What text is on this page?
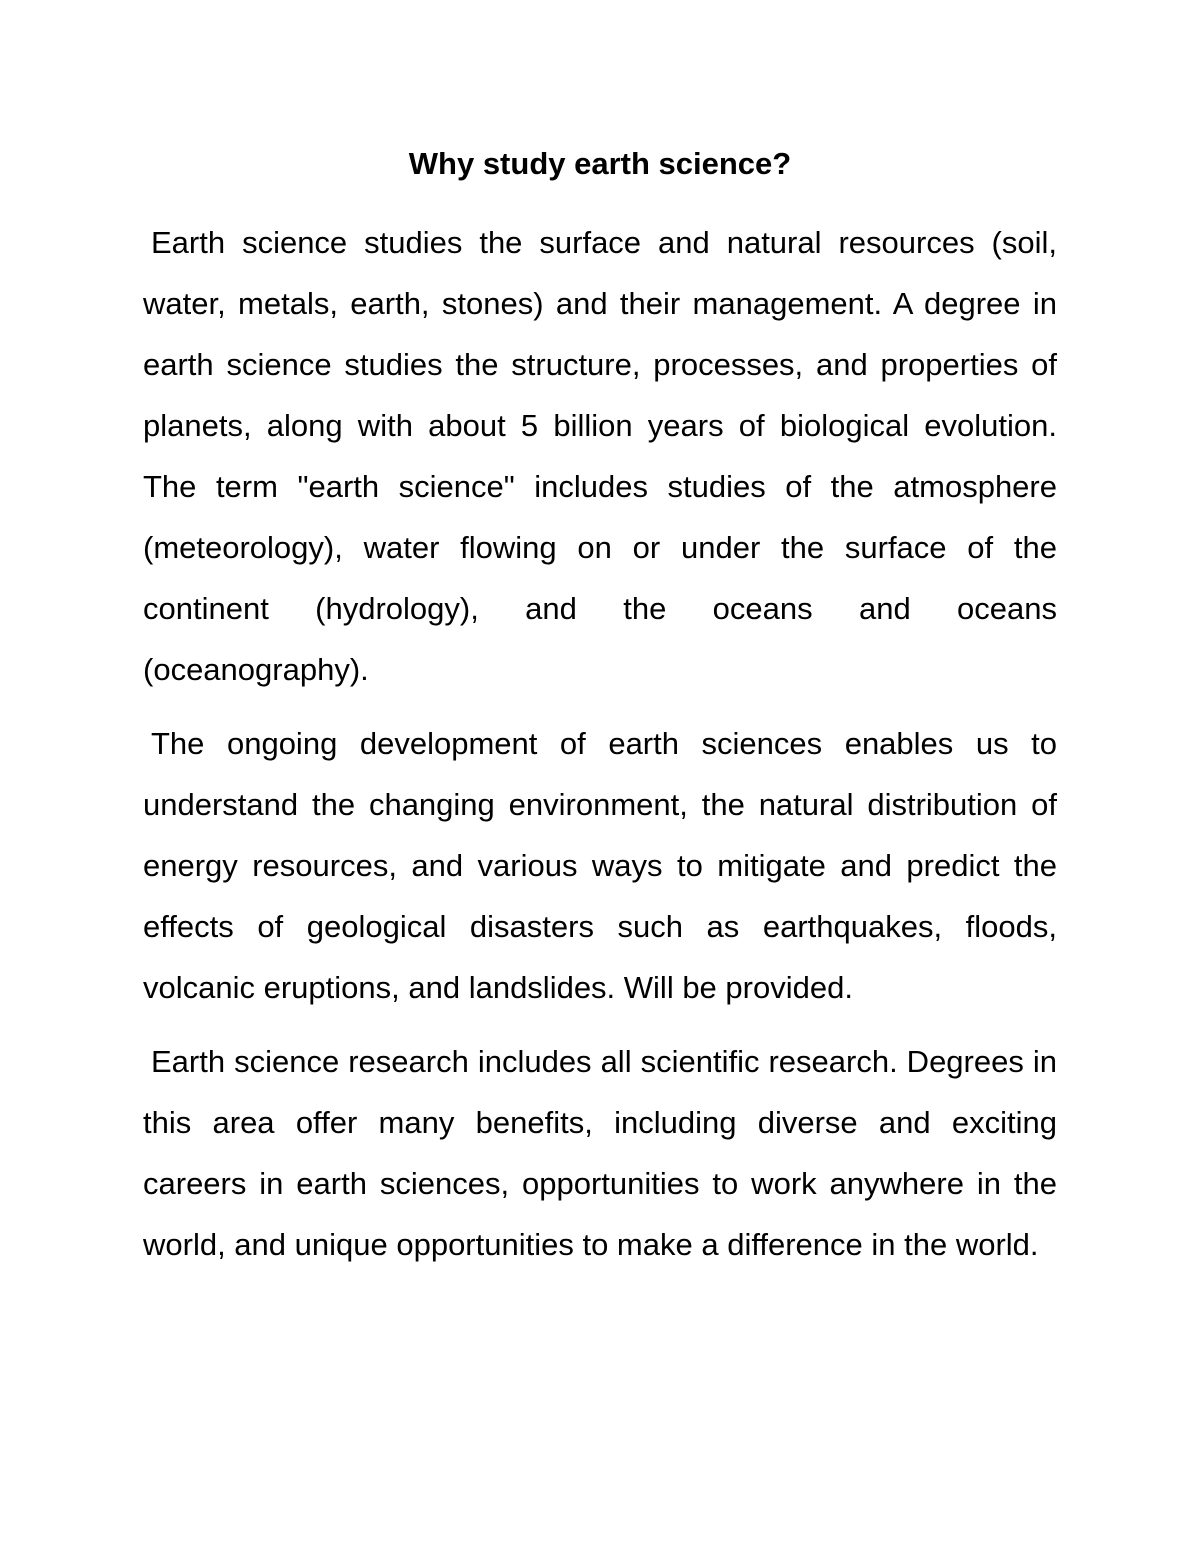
Why study earth science?

Earth science studies the surface and natural resources (soil, water, metals, earth, stones) and their management. A degree in earth science studies the structure, processes, and properties of planets, along with about 5 billion years of biological evolution. The term "earth science" includes studies of the atmosphere (meteorology), water flowing on or under the surface of the continent (hydrology), and the oceans and oceans (oceanography).

The ongoing development of earth sciences enables us to understand the changing environment, the natural distribution of energy resources, and various ways to mitigate and predict the effects of geological disasters such as earthquakes, floods, volcanic eruptions, and landslides. Will be provided.

Earth science research includes all scientific research. Degrees in this area offer many benefits, including diverse and exciting careers in earth sciences, opportunities to work anywhere in the world, and unique opportunities to make a difference in the world.
